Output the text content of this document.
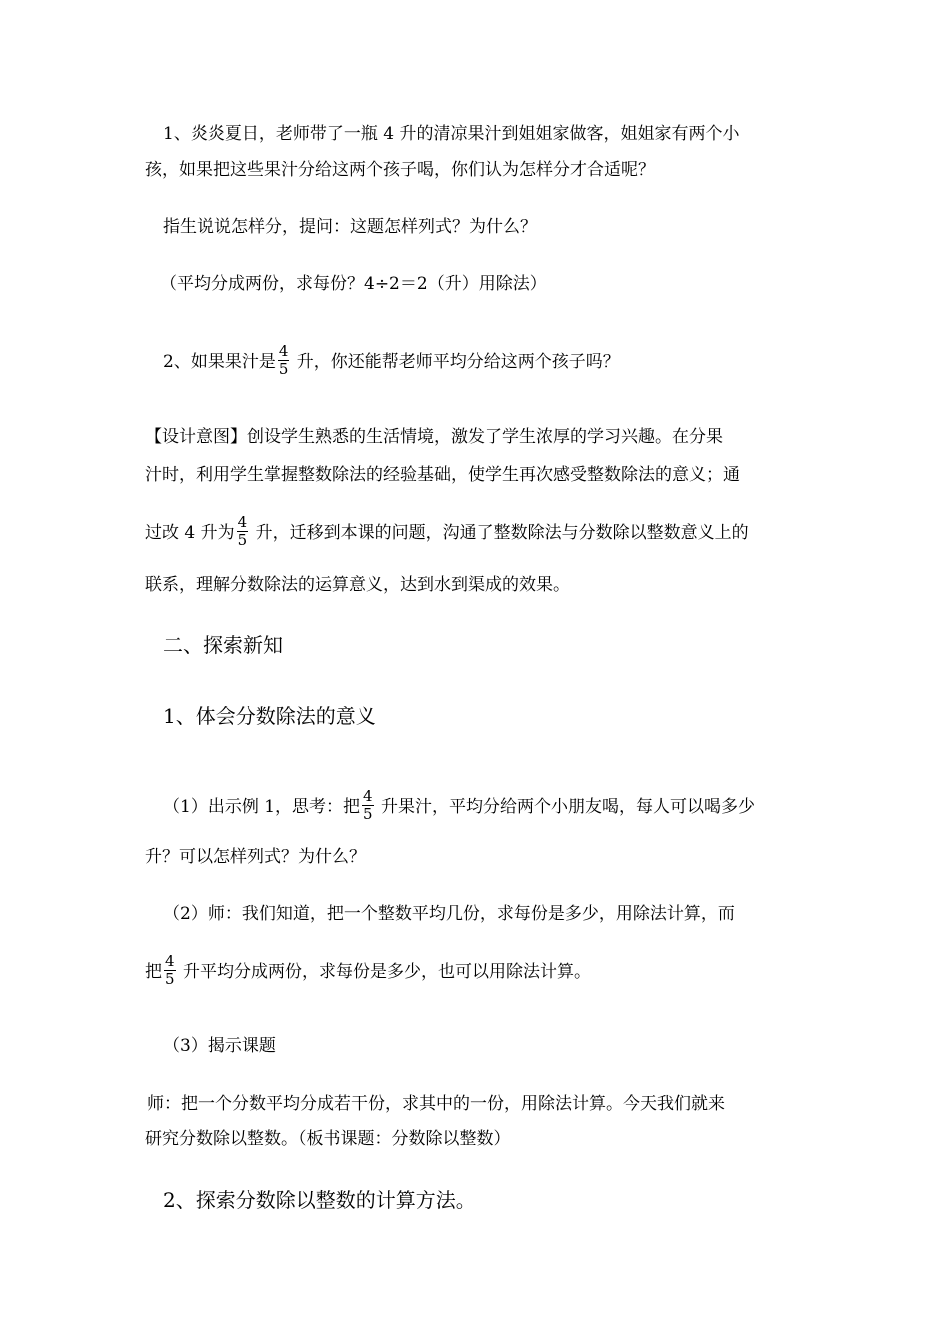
1、炎炎夏日，老师带了一瓶 4 升的清凉果汁到姐姐家做客，姐姐家有两个小
孩，如果把这些果汁分给这两个孩子喝，你们认为怎样分才合适呢？
指生说说怎样分，提问：这题怎样列式？为什么？
（平均分成两份，求每份？4÷2＝2（升）用除法）
2、如果果汁是 $\frac{4}{5}$ 升，你还能帮老师平均分给这两个孩子吗？
【设计意图】创设学生熟悉的生活情境，激发了学生浓厚的学习兴趣。在分果
汁时，利用学生掌握整数除法的经验基础，使学生再次感受整数除法的意义；通
过改 4 升为 $\frac{4}{5}$ 升，迁移到本课的问题，沟通了整数除法与分数除以整数意义上的
联系，理解分数除法的运算意义，达到水到渠成的效果。
二、探索新知
1、体会分数除法的意义
（1）出示例 1，思考：把 $\frac{4}{5}$ 升果汁，平均分给两个小朋友喝，每人可以喝多少
升？可以怎样列式？为什么？
（2）师：我们知道，把一个整数平均几份，求每份是多少，用除法计算，而
把 $\frac{4}{5}$ 升平均分成两份，求每份是多少，也可以用除法计算。
（3）揭示课题
师：把一个分数平均分成若干份，求其中的一份，用除法计算。今天我们就来
研究分数除以整数。（板书课题：分数除以整数）
2、探索分数除以整数的计算方法。
